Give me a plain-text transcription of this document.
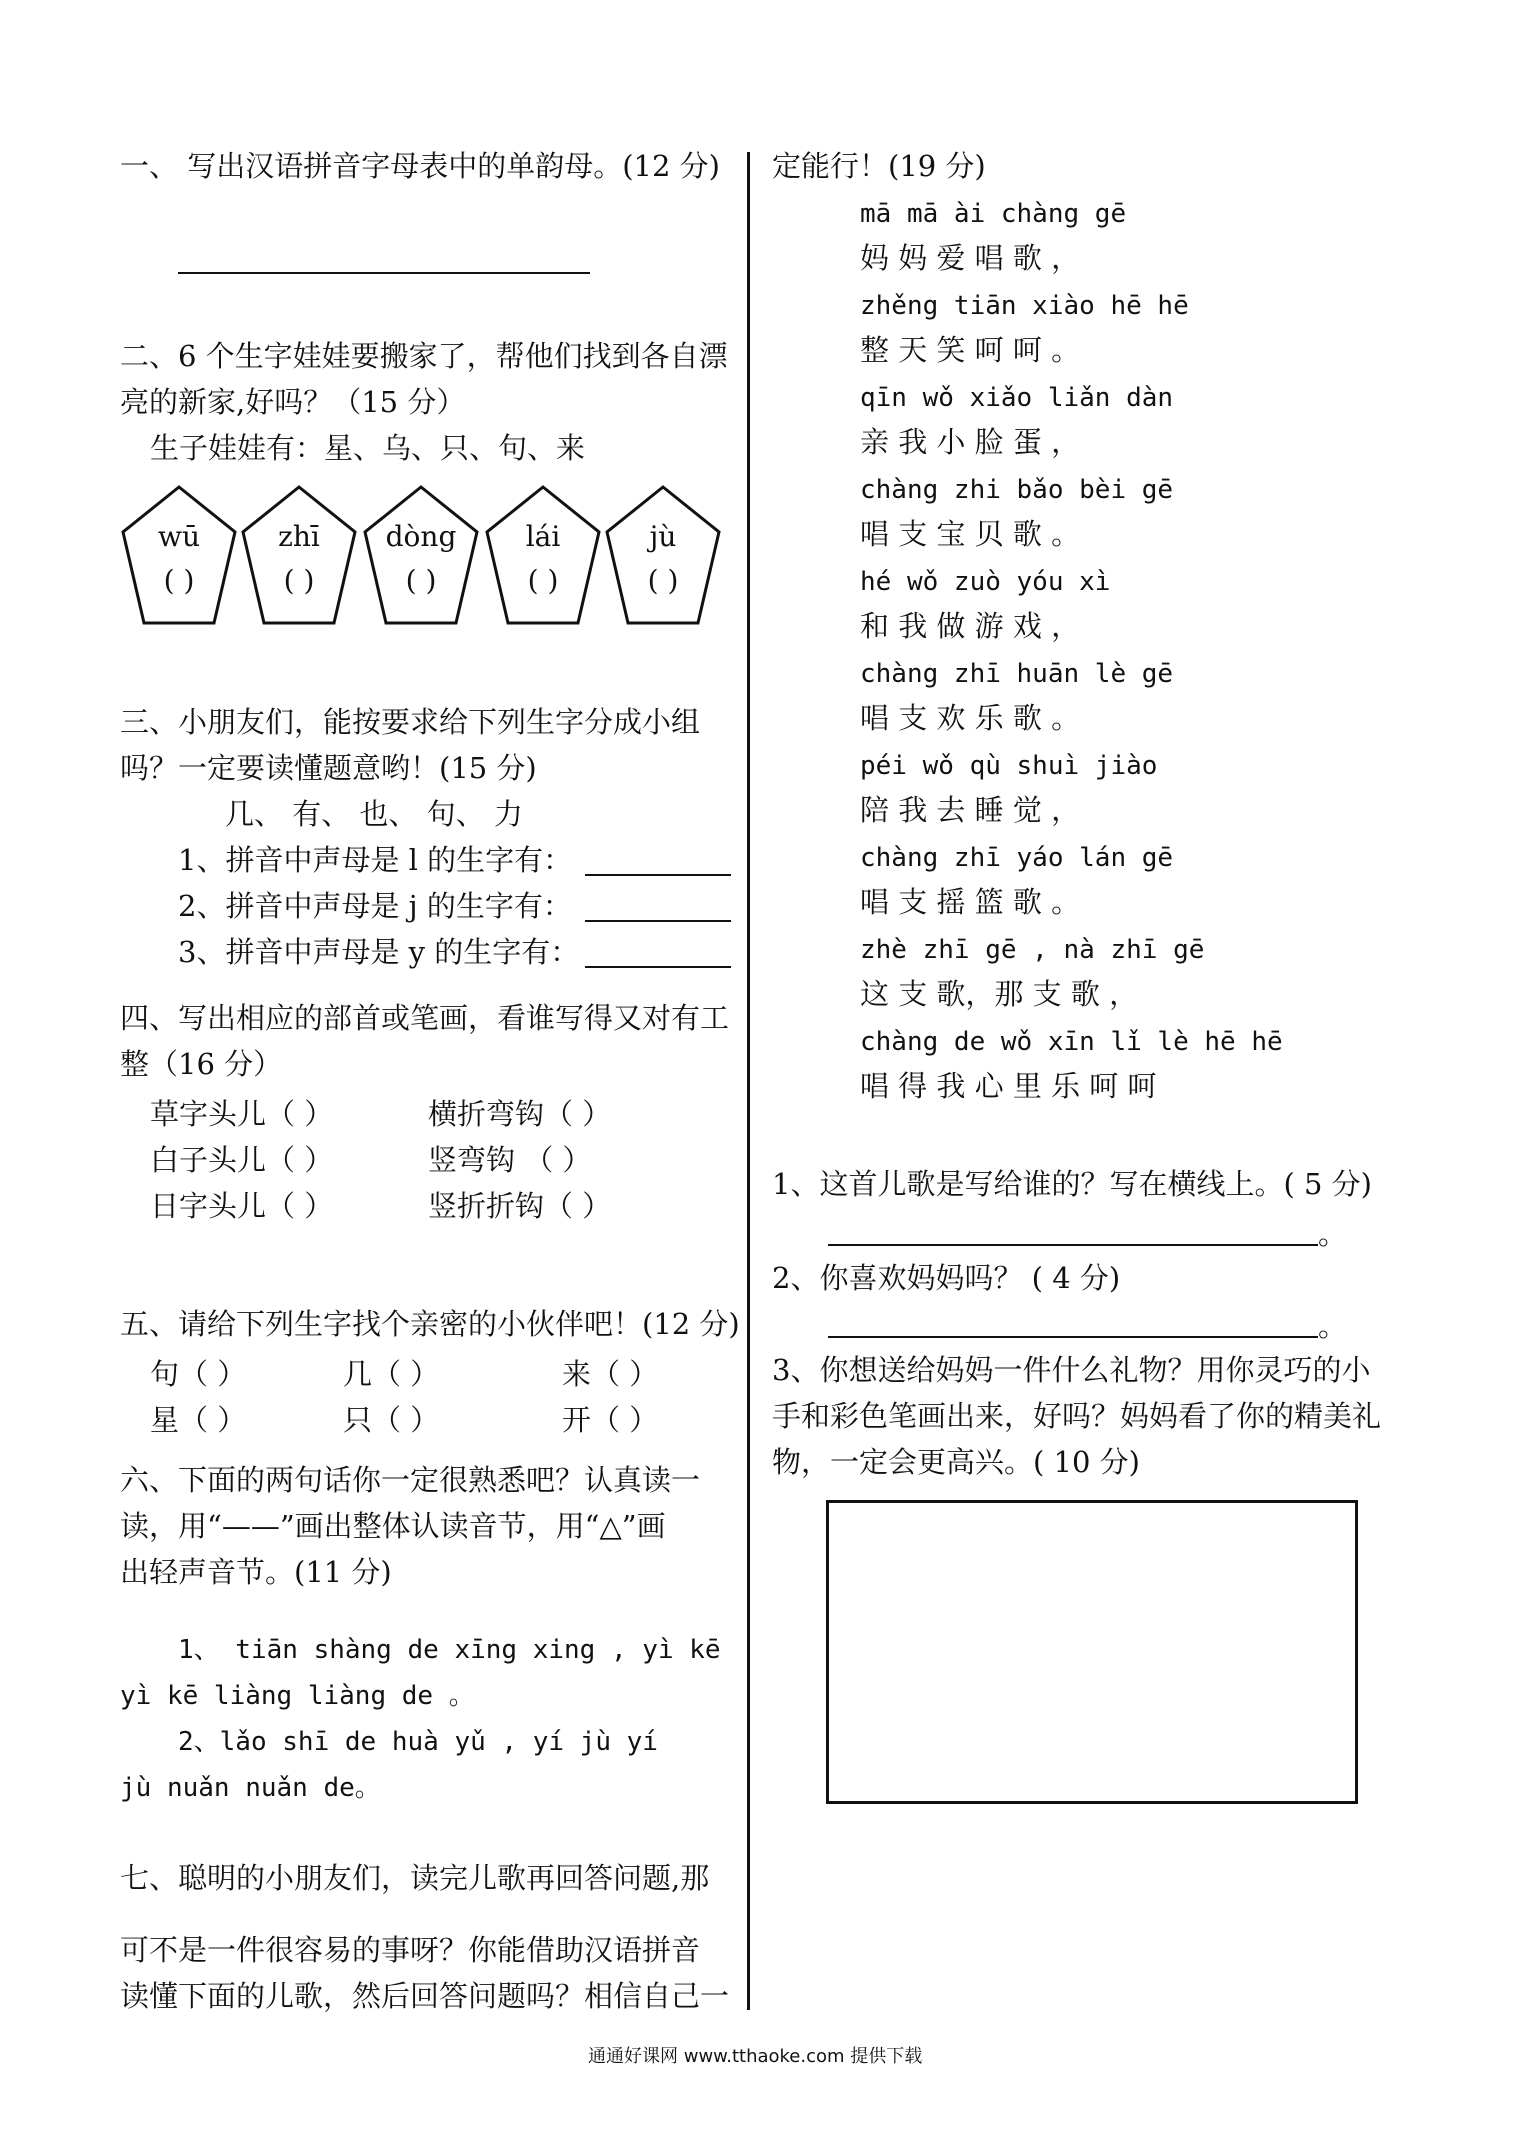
一、 写出汉语拼音字母表中的单韵母。(12 分)
二、6 个生字娃娃要搬家了，帮他们找到各自漂
亮的新家,好吗？（15 分）
生子娃娃有：星、乌、只、句、来
wū
( )
zhī
( )
dòng
( )
lái
( )
jù
( )
三、小朋友们，能按要求给下列生字分成小组
吗？一定要读懂题意哟！(15 分)
几、 有、 也、 句、 力
1、拼音中声母是 l 的生字有：
2、拼音中声母是 j 的生字有：
3、拼音中声母是 y 的生字有：
四、写出相应的部首或笔画，看谁写得又对有工
整（16 分）
草字头儿（ ）	横折弯钩（ ）
白子头儿（ ）	竖弯钩 （ ）
日字头儿（ ）	竖折折钩（ ）
五、请给下列生字找个亲密的小伙伴吧！(12 分)
句（ ）	几（ ）	来（ ）
星（ ）	只（ ）	开（ ）
六、下面的两句话你一定很熟悉吧？认真读一
读，用“——”画出整体认读音节，用“△”画
出轻声音节。(11 分)
1、 tiān shàng de xīng xing , yì kē
yì kē liàng liàng de 。
2、lǎo shī de huà yǔ , yí jù yí
jù nuǎn nuǎn de。
七、聪明的小朋友们，读完儿歌再回答问题,那
可不是一件很容易的事呀？你能借助汉语拼音
读懂下面的儿歌，然后回答问题吗？相信自己一
定能行！(19 分)
mā mā ài chàng gē
妈 妈 爱 唱 歌 ，
zhěng tiān xiào hē hē
整 天 笑 呵 呵 。
qīn wǒ xiǎo liǎn dàn
亲 我 小 脸 蛋 ，
chàng zhi bǎo bèi gē
唱 支 宝 贝 歌 。
hé wǒ zuò yóu xì
和 我 做 游 戏 ，
chàng zhī huān lè gē
唱 支 欢 乐 歌 。
péi wǒ qù shuì jiào
陪 我 去 睡 觉 ，
chàng zhī yáo lán gē
唱 支 摇 篮 歌 。
zhè zhī gē , nà zhī gē
这 支 歌，那 支 歌 ，
chàng de wǒ xīn lǐ lè hē hē
唱 得 我 心 里 乐 呵 呵
1、这首儿歌是写给谁的？写在横线上。( 5 分)
。
2、你喜欢妈妈吗？ ( 4 分)
。
3、你想送给妈妈一件什么礼物？用你灵巧的小
手和彩色笔画出来，好吗？妈妈看了你的精美礼
物，一定会更高兴。( 10 分)
通通好课网 www.tthaoke.com 提供下载
